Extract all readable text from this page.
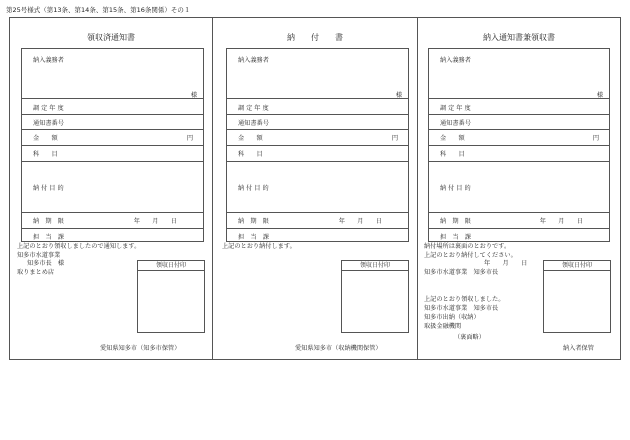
第25号様式（第13条、第14条、第15条、第16条関係）その１
領収済通知書
納入義務者
調 定 年 度
通知書番号
金　　額
科　　目
納 付 目 的
納　期　限
担　当　課
様
円
年　　月　　日
上記のとおり領収しましたので通知します。
知多市水道事業
知多市長　様
取りまとめ店
領収日付印
愛知県知多市（知多市保管）
納　　付　　書
納入義務者
調 定 年 度
通知書番号
金　　額
科　　目
納 付 目 的
納　期　限
担　当　課
様
円
年　　月　　日
上記のとおり納付します。
領収日付印
愛知県知多市（収納機関保管）
納入通知書兼領収書
納入義務者
調 定 年 度
通知書番号
金　　額
科　　目
納 付 目 的
納　期　限
担　当　課
様
円
年　　月　　日
納付場所は裏面のとおりです。
上記のとおり納付してください。
年　　月　　日
知多市水道事業　知多市長
上記のとおり領収しました。
知多市水道事業　知多市長
知多市出納（収納）
取扱金融機関
（裏面略）
領収日付印
納入者保管
